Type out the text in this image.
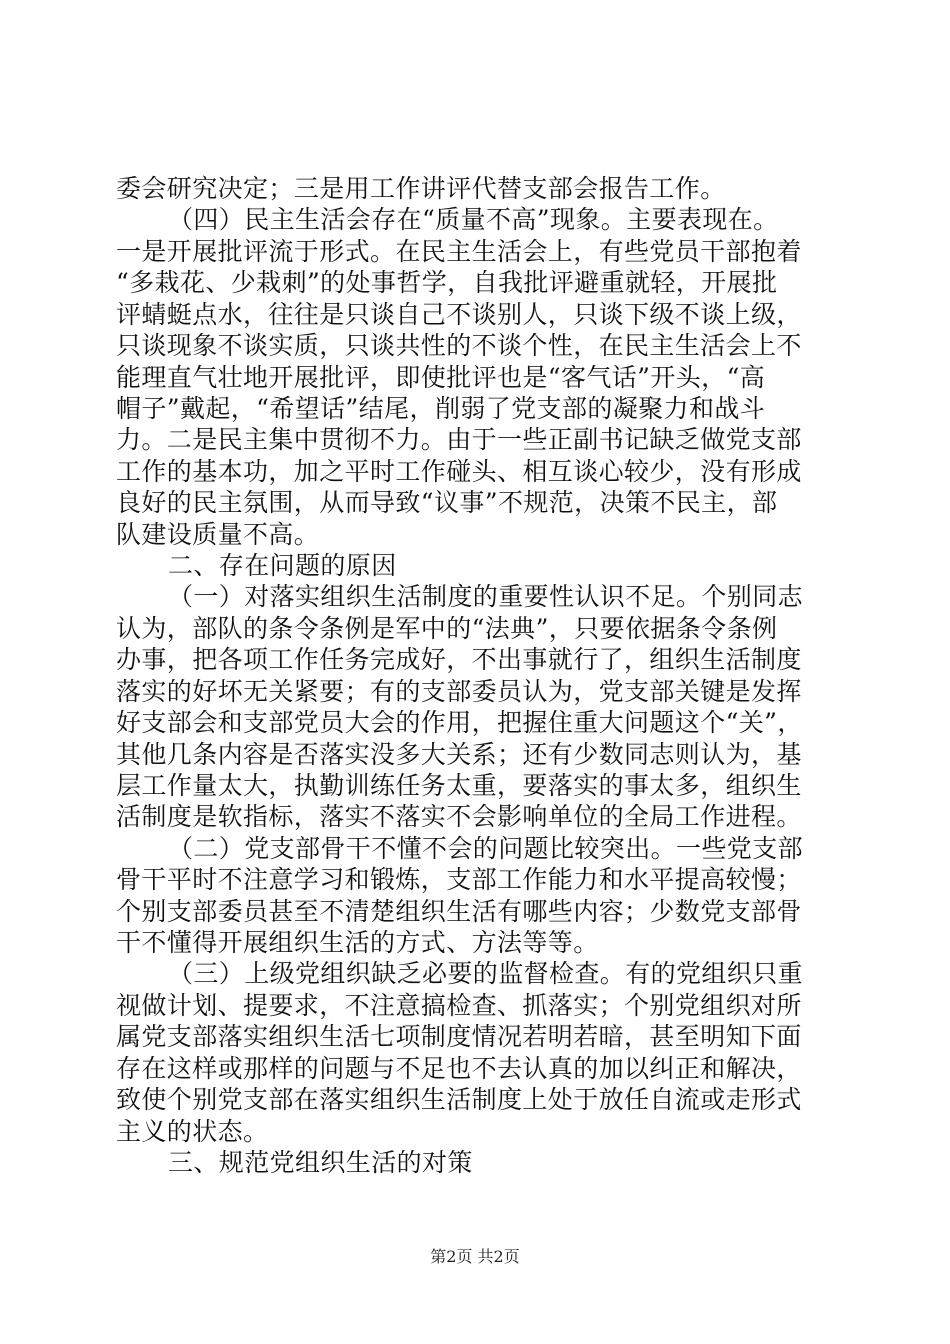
委会研究决定；三是用工作讲评代替支部会报告工作。
（四）民主生活会存在“质量不高”现象。主要表现在。
一是开展批评流于形式。在民主生活会上，有些党员干部抱着
“多栽花、少栽刺”的处事哲学，自我批评避重就轻，开展批
评蜻蜓点水，往往是只谈自己不谈别人，只谈下级不谈上级，
只谈现象不谈实质，只谈共性的不谈个性，在民主生活会上不
能理直气壮地开展批评，即使批评也是“客气话”开头，“高
帽子”戴起，“希望话”结尾，削弱了党支部的凝聚力和战斗
力。二是民主集中贯彻不力。由于一些正副书记缺乏做党支部
工作的基本功，加之平时工作碰头、相互谈心较少，没有形成
良好的民主氛围，从而导致“议事”不规范，决策不民主，部
队建设质量不高。
二、存在问题的原因
（一）对落实组织生活制度的重要性认识不足。个别同志
认为，部队的条令条例是军中的“法典”，只要依据条令条例
办事，把各项工作任务完成好，不出事就行了，组织生活制度
落实的好坏无关紧要；有的支部委员认为，党支部关键是发挥
好支部会和支部党员大会的作用，把握住重大问题这个“关”，
其他几条内容是否落实没多大关系；还有少数同志则认为，基
层工作量太大，执勤训练任务太重，要落实的事太多，组织生
活制度是软指标，落实不落实不会影响单位的全局工作进程。
（二）党支部骨干不懂不会的问题比较突出。一些党支部
骨干平时不注意学习和锻炼，支部工作能力和水平提高较慢；
个别支部委员甚至不清楚组织生活有哪些内容；少数党支部骨
干不懂得开展组织生活的方式、方法等等。
（三）上级党组织缺乏必要的监督检查。有的党组织只重
视做计划、提要求，不注意搞检查、抓落实；个别党组织对所
属党支部落实组织生活七项制度情况若明若暗，甚至明知下面
存在这样或那样的问题与不足也不去认真的加以纠正和解决，
致使个别党支部在落实组织生活制度上处于放任自流或走形式
主义的状态。
三、规范党组织生活的对策
第2页 共2页
